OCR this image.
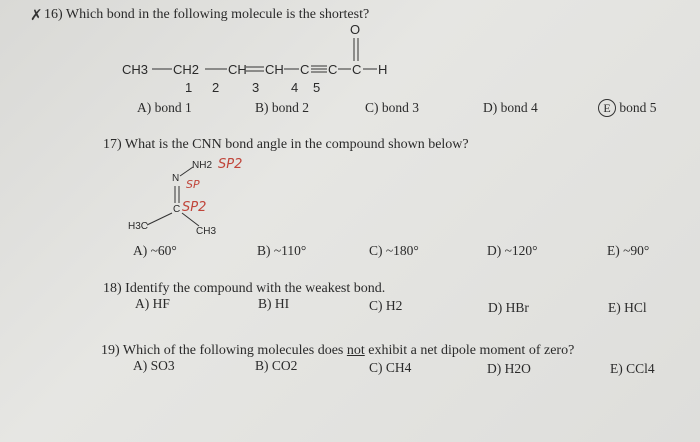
✗ 16) Which bond in the following molecule is the shortest?
O
CH3 CH2 CH CH C C C H
1 2	3 4 5
A) bond 1	B) bond 2	C) bond 3	D) bond 4	E bond 5
17) What is the CNN bond angle in the compound shown below?
NH2 SP2
N SP
C SP2
H3C	CH3
A) ~60°	B) ~110°	C) ~180°	D) ~120°	E) ~90°
18) Identify the compound with the weakest bond.
A) HF	B) HI	C) H2	D) HBr	E) HCl
19) Which of the following molecules does not exhibit a net dipole moment of zero?
A) SO3	B) CO2	C) CH4	D) H2O	E) CCl4
